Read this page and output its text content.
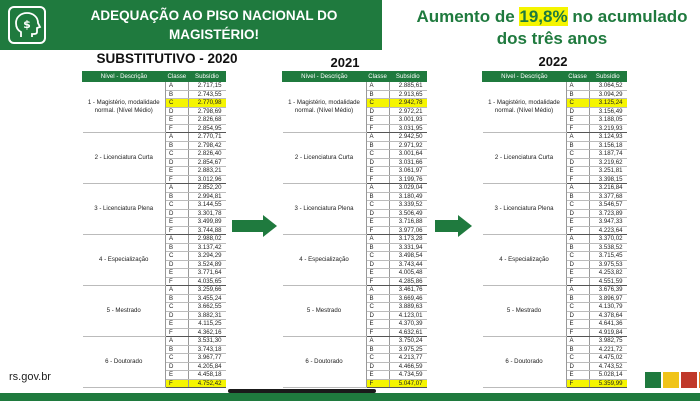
$
ADEQUAÇÃO AO PISO NACIONAL DO MAGISTÉRIO!
Aumento de 19,8% no acumulado dos três anos
SUBSTITUTIVO - 2020	2021	2022
Nível - Descrição	Classe	Subsídio
1 - Magistério, modalidade normal. (Nível Médio)	A	2.717,15
	B	2.743,55
	C	2.770,98
	D	2.798,69
	E	2.826,68
	F	2.854,95
2 - Licenciatura Curta	A	2.770,71
	B	2.798,42
	C	2.826,40
	D	2.854,67
	E	2.883,21
	F	3.012,96
3 - Licenciatura Plena	A	2.852,20
	B	2.994,81
	C	3.144,55
	D	3.301,78
	E	3.499,89
	F	3.744,88
4 - Especialização	A	2.988,02
	B	3.137,42
	C	3.294,29
	D	3.524,89
	E	3.771,64
	F	4.035,65
5 - Mestrado	A	3.259,66
	B	3.455,24
	C	3.662,55
	D	3.882,31
	E	4.115,25
	F	4.362,16
6 - Doutorado	A	3.531,30
	B	3.743,18
	C	3.967,77
	D	4.205,84
	E	4.458,18
	F	4.752,42
Nível - Descrição	Classe	Subsídio
1 - Magistério, modalidade normal. (Nível Médio)	A	2.885,61
	B	2.913,65
	C	2.942,78
	D	2.972,21
	E	3.001,93
	F	3.031,95
2 - Licenciatura Curta	A	2.942,50
	B	2.971,92
	C	3.001,64
	D	3.031,66
	E	3.061,97
	F	3.199,76
3 - Licenciatura Plena	A	3.029,04
	B	3.180,49
	C	3.339,52
	D	3.506,49
	E	3.716,88
	F	3.977,06
4 - Especialização	A	3.173,28
	B	3.331,94
	C	3.498,54
	D	3.743,44
	E	4.005,48
	F	4.285,86
5 - Mestrado	A	3.461,76
	B	3.669,46
	C	3.889,63
	D	4.123,01
	E	4.370,39
	F	4.632,61
6 - Doutorado	A	3.750,24
	B	3.975,25
	C	4.213,77
	D	4.466,59
	E	4.734,59
	F	5.047,07
Nível - Descrição	Classe	Subsídio
1 - Magistério, modalidade normal. (Nível Médio)	A	3.064,52
	B	3.094,29
	C	3.125,24
	D	3.156,49
	E	3.188,05
	F	3.219,93
2 - Licenciatura Curta	A	3.124,93
	B	3.156,18
	C	3.187,74
	D	3.219,62
	E	3.251,81
	F	3.398,15
3 - Licenciatura Plena	A	3.216,84
	B	3.377,68
	C	3.546,57
	D	3.723,89
	E	3.947,33
	F	4.223,64
4 - Especialização	A	3.370,02
	B	3.538,52
	C	3.715,45
	D	3.975,53
	E	4.253,82
	F	4.551,59
5 - Mestrado	A	3.676,39
	B	3.896,97
	C	4.130,79
	D	4.378,64
	E	4.641,36
	F	4.919,84
6 - Doutorado	A	3.982,75
	B	4.221,72
	C	4.475,02
	D	4.743,52
	E	5.028,14
	F	5.359,99
rs.gov.br
